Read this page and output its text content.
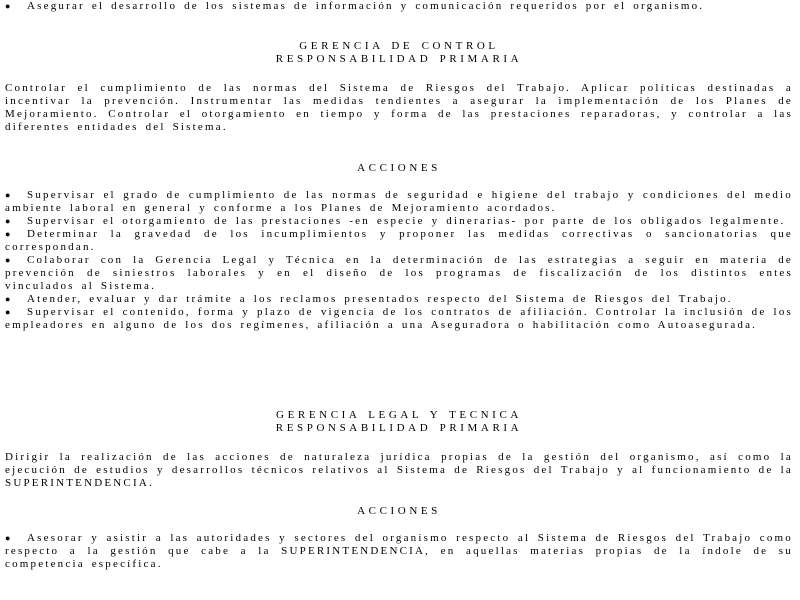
● Asegurar el desarrollo de los sistemas de información y comunicación requeridos por el organismo.

GERENCIA DE CONTROL

RESPONSABILIDAD PRIMARIA

Controlar el cumplimiento de las normas del Sistema de Riesgos del Trabajo. Aplicar políticas destinadas a incentivar la prevención. Instrumentar las medidas tendientes a asegurar la implementación de los Planes de Mejoramiento. Controlar el otorgamiento en tiempo y forma de las prestaciones reparadoras, y controlar a las diferentes entidades del Sistema.

ACCIONES

● Supervisar el grado de cumplimiento de las normas de seguridad e higiene del trabajo y condiciones del medio ambiente laboral en general y conforme a los Planes de Mejoramiento acordados.

● Supervisar el otorgamiento de las prestaciones -en especie y dinerarias- por parte de los obligados legalmente.

● Determinar la gravedad de los incumplimientos y proponer las medidas correctivas o sancionatorias que correspondan.

● Colaborar con la Gerencia Legal y Técnica en la determinación de las estrategias a seguir en materia de prevención de siniestros laborales y en el diseño de los programas de fiscalización de los distintos entes vinculados al Sistema.

● Atender, evaluar y dar trámite a los reclamos presentados respecto del Sistema de Riesgos del Trabajo.

● Supervisar el contenido, forma y plazo de vigencia de los contratos de afiliación. Controlar la inclusión de los empleadores en alguno de los dos regímenes, afiliación a una Aseguradora o habilitación como Autoasegurada.

GERENCIA LEGAL Y TECNICA

RESPONSABILIDAD PRIMARIA

Dirigir la realización de las acciones de naturaleza jurídica propias de la gestión del organismo, así como la ejecución de estudios y desarrollos técnicos relativos al Sistema de Riesgos del Trabajo y al funcionamiento de la SUPERINTENDENCIA.

ACCIONES

● Asesorar y asistir a las autoridades y sectores del organismo respecto al Sistema de Riesgos del Trabajo como respecto a la gestión que cabe a la SUPERINTENDENCIA, en aquellas materias propias de la índole de su competencia específica.
